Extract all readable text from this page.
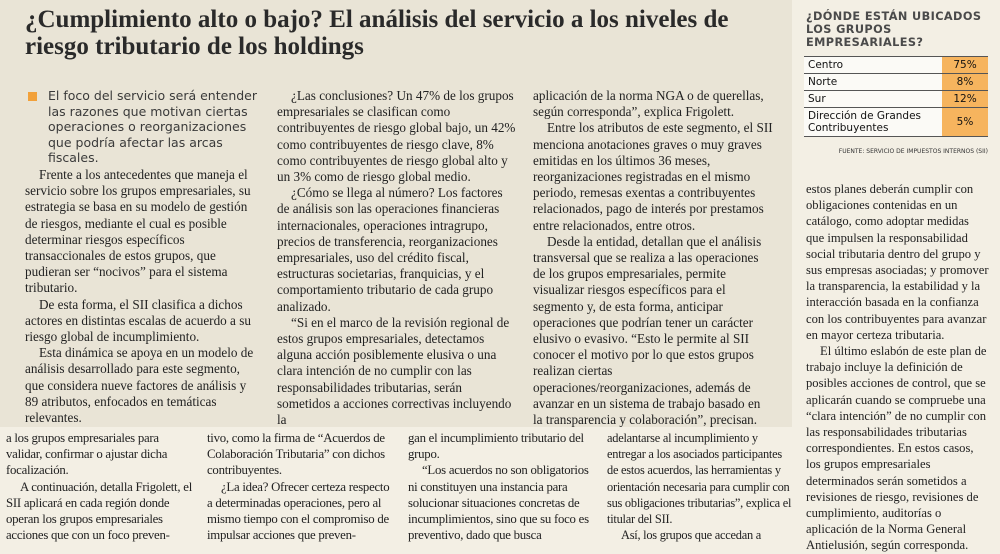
¿Cumplimiento alto o bajo? El análisis del servicio a los niveles de riesgo tributario de los holdings

El foco del servicio será entender las razones que motivan ciertas operaciones o reorganizaciones que podría afectar las arcas fiscales.

Frente a los antecedentes que maneja el servicio sobre los grupos empresariales, su estrategia se basa en su modelo de gestión de riesgos, mediante el cual es posible determinar riesgos específicos transaccionales de estos grupos, que pudieran ser “nocivos” para el sistema tributario.

De esta forma, el SII clasifica a dichos actores en distintas escalas de acuerdo a su riesgo global de incumplimiento.

Esta dinámica se apoya en un modelo de análisis desarrollado para este segmento, que considera nueve factores de análisis y 89 atributos, enfocados en temáticas relevantes.

¿Las conclusiones? Un 47% de los grupos empresariales se clasifican como contribuyentes de riesgo global bajo, un 42% como contribuyentes de riesgo clave, 8% como contribuyentes de riesgo global alto y un 3% como de riesgo global medio.

¿Cómo se llega al número? Los factores de análisis son las operaciones financieras internacionales, operaciones intragrupo, precios de transferencia, reorganizaciones empresariales, uso del crédito fiscal, estructuras societarias, franquicias, y el comportamiento tributario de cada grupo analizado.

“Si en el marco de la revisión regional de estos grupos empresariales, detectamos alguna acción posiblemente elusiva o una clara intención de no cumplir con las responsabilidades tributarias, serán sometidos a acciones correctivas incluyendo la

aplicación de la norma NGA o de querellas, según corresponda”, explica Frigolett.

Entre los atributos de este segmento, el SII menciona anotaciones graves o muy graves emitidas en los últimos 36 meses, reorganizaciones registradas en el mismo periodo, remesas exentas a contribuyentes relacionados, pago de interés por prestamos entre relacionados, entre otros.

Desde la entidad, detallan que el análisis transversal que se realiza a las operaciones de los grupos empresariales, permite visualizar riesgos específicos para el segmento y, de esta forma, anticipar operaciones que podrían tener un carácter elusivo o evasivo. “Esto le permite al SII conocer el motivo por lo que estos grupos realizan ciertas operaciones/reorganizaciones, además de avanzar en un sistema de trabajo basado en la transparencia y colaboración”, precisan.

¿DÓNDE ESTÁN UBICADOS LOS GRUPOS EMPRESARIALES?

Centro	75%
Norte	8%
Sur	12%
Dirección de Grandes Contribuyentes	5%

FUENTE: SERVICIO DE IMPUESTOS INTERNOS (SII)

estos planes deberán cumplir con obligaciones contenidas en un catálogo, como adoptar medidas que impulsen la responsabilidad social tributaria dentro del grupo y sus empresas asociadas; y promover la transparencia, la estabilidad y la interacción basada en la confianza con los contribuyentes para avanzar en mayor certeza tributaria.

El último eslabón de este plan de trabajo incluye la definición de posibles acciones de control, que se aplicarán cuando se compruebe una “clara intención” de no cumplir con las responsabilidades tributarias correspondientes. En estos casos, los grupos empresariales determinados serán sometidos a revisiones de riesgo, revisiones de cumplimiento, auditorías o aplicación de la Norma General Antielusión, según corresponda.

a los grupos empresariales para validar, confirmar o ajustar dicha focalización.

A continuación, detalla Frigolett, el SII aplicará en cada región donde operan los grupos empresariales acciones que con un foco preven-

tivo, como la firma de “Acuerdos de Colaboración Tributaria” con dichos contribuyentes.

¿La idea? Ofrecer certeza respecto a determinadas operaciones, pero al mismo tiempo con el compromiso de impulsar acciones que preven-

gan el incumplimiento tributario del grupo.

“Los acuerdos no son obligatorios ni constituyen una instancia para solucionar situaciones concretas de incumplimientos, sino que su foco es preventivo, dado que busca

adelantarse al incumplimiento y entregar a los asociados participantes de estos acuerdos, las herramientas y orientación necesaria para cumplir con sus obligaciones tributarias”, explica el titular del SII.

Así, los grupos que accedan a
